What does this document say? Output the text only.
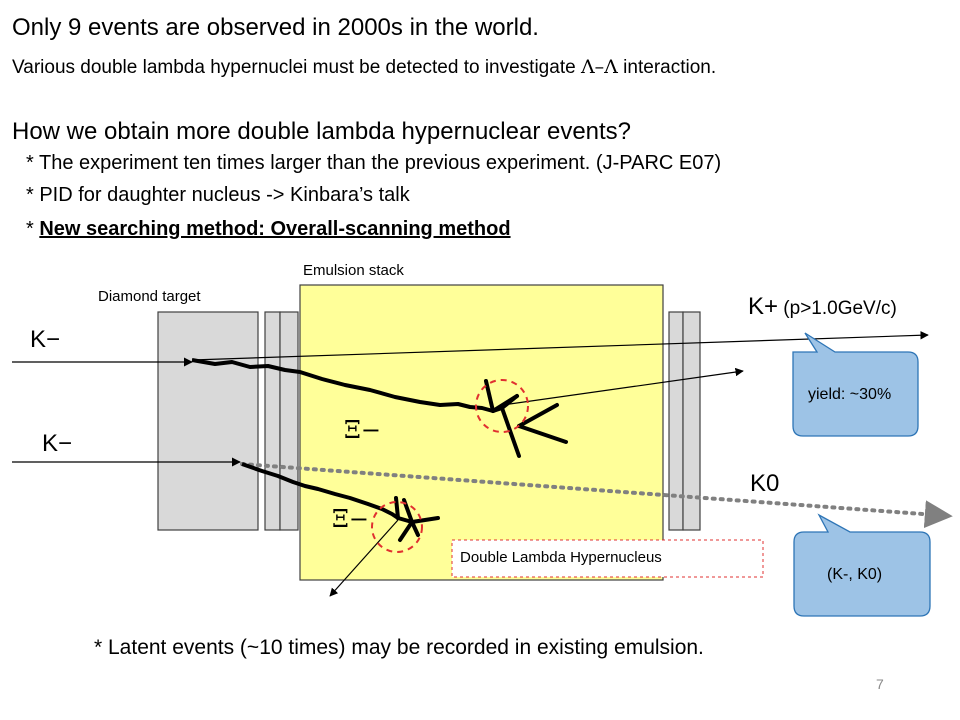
Only 9 events are observed in 2000s in the world.
Various double lambda hypernuclei must be detected to investigate Λ–Λ interaction.
How we obtain more double lambda hypernuclear events?
* The experiment ten times larger than the previous experiment. (J-PARC E07)
* PID for daughter nucleus -> Kinbara’s talk
* New searching method: Overall-scanning method
Emulsion stack
Diamond target
K−
K−
K+ (p>1.0GeV/c)
K0
Ξ−
Ξ−
Double Lambda Hypernucleus
yield: ~30%
(K-, K0)
* Latent events (~10 times) may be recorded in existing emulsion.
7
